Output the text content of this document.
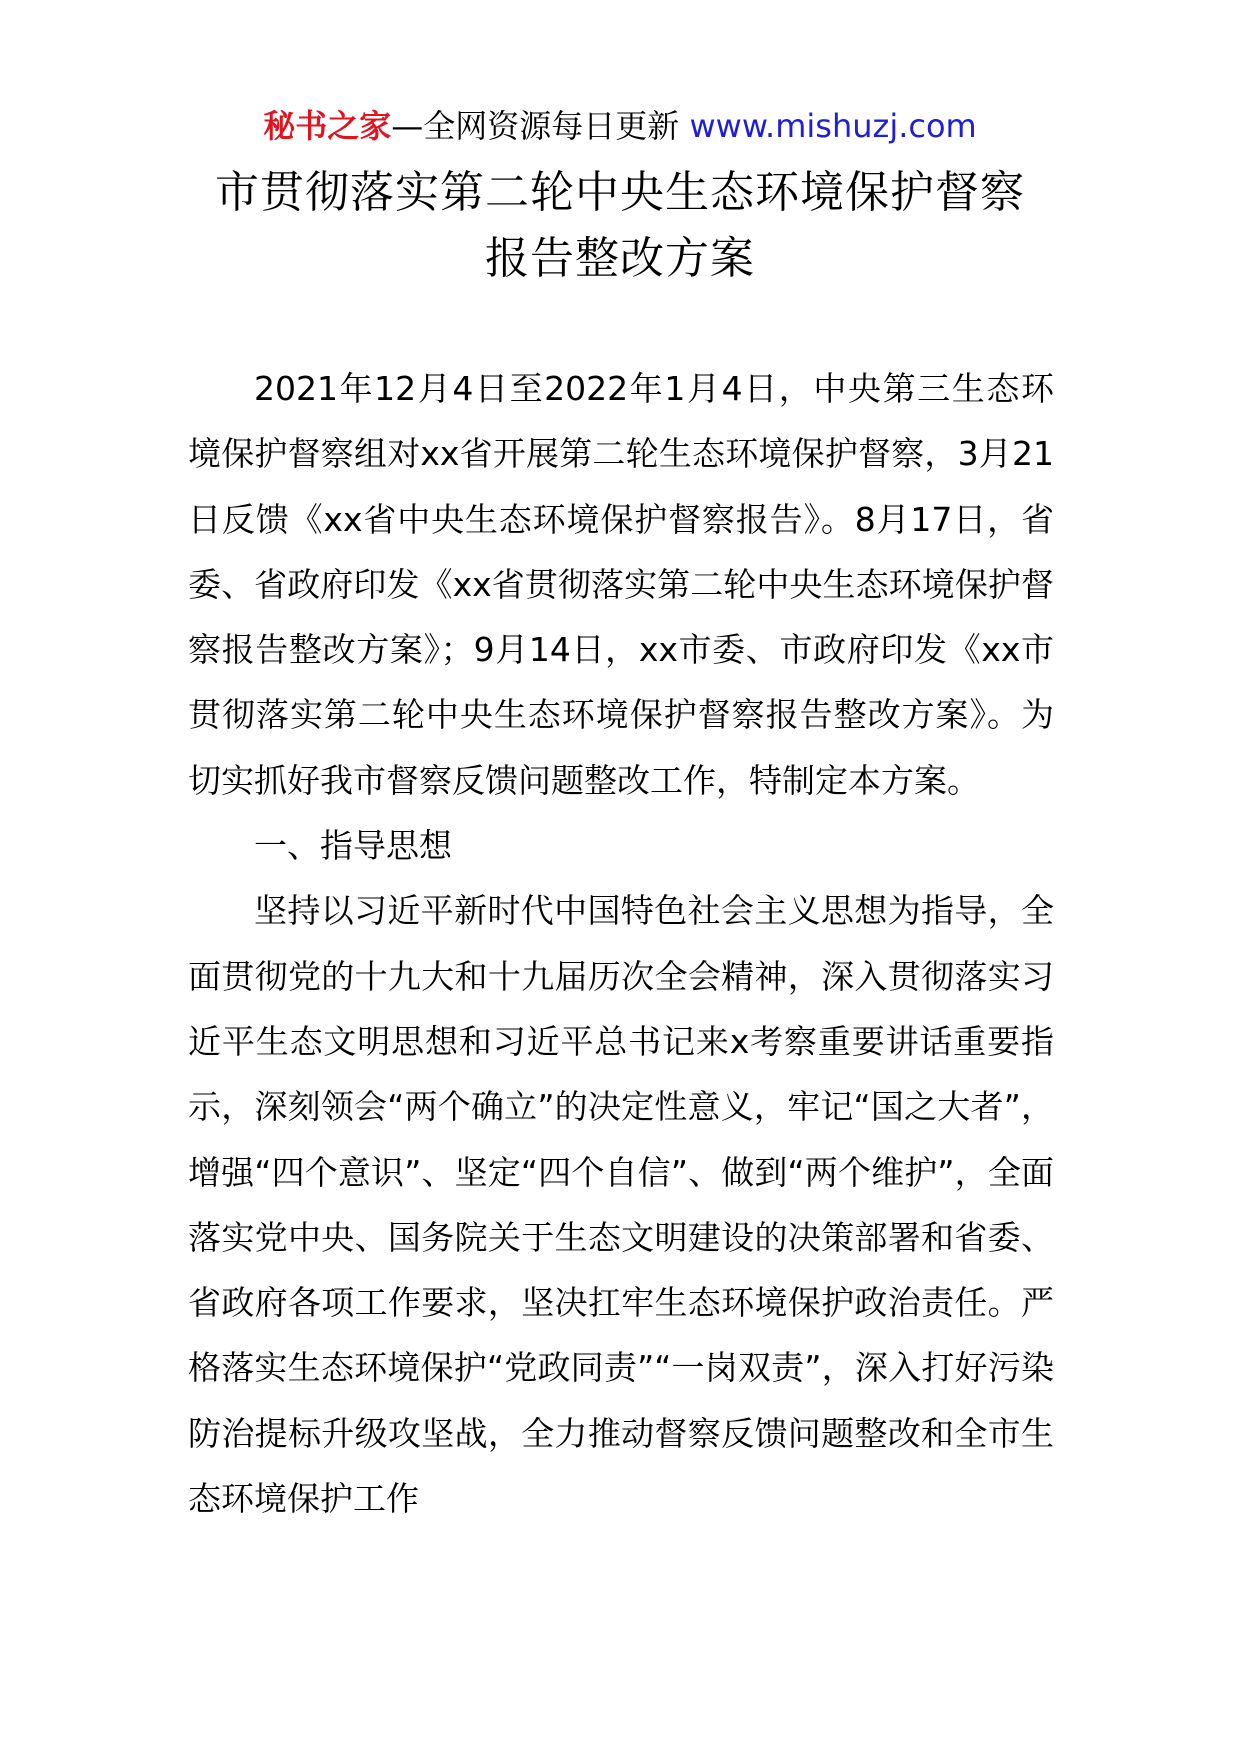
秘书之家—全网资源每日更新 www.mishuzj.com
市贯彻落实第二轮中央生态环境保护督察
报告整改方案

2021年12月4日至2022年1月4日，中央第三生态环境保护督察组对xx省开展第二轮生态环境保护督察，3月21日反馈《xx省中央生态环境保护督察报告》。8月17日，省委、省政府印发《xx省贯彻落实第二轮中央生态环境保护督察报告整改方案》；9月14日，xx市委、市政府印发《xx市贯彻落实第二轮中央生态环境保护督察报告整改方案》。为切实抓好我市督察反馈问题整改工作，特制定本方案。

一、指导思想

坚持以习近平新时代中国特色社会主义思想为指导，全面贯彻党的十九大和十九届历次全会精神，深入贯彻落实习近平生态文明思想和习近平总书记来x考察重要讲话重要指示，深刻领会“两个确立”的决定性意义，牢记“国之大者”，增强“四个意识”、坚定“四个自信”、做到“两个维护”，全面落实党中央、国务院关于生态文明建设的决策部署和省委、省政府各项工作要求，坚决扛牢生态环境保护政治责任。严格落实生态环境保护“党政同责”“一岗双责”，深入打好污染防治提标升级攻坚战，全力推动督察反馈问题整改和全市生态环境保护工作
